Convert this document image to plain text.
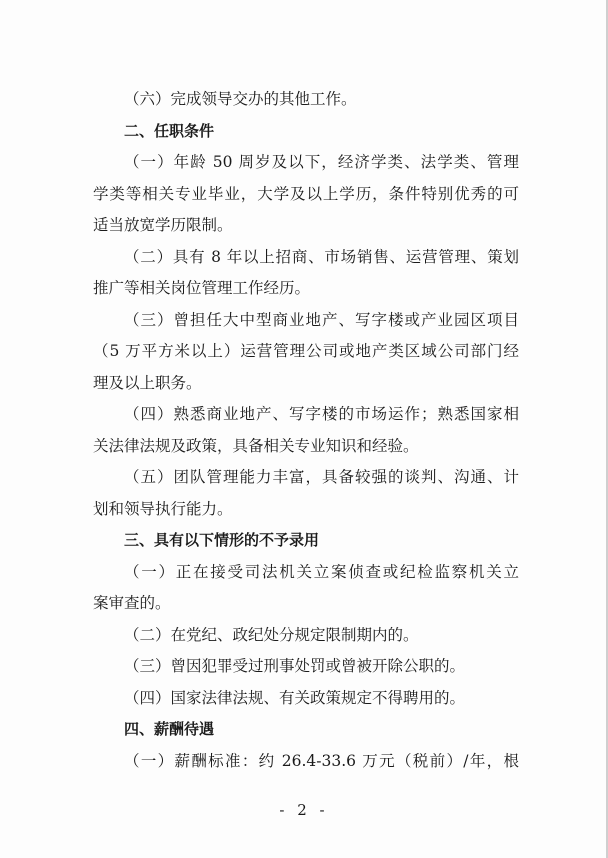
（六）完成领导交办的其他工作。
二、任职条件
（一）年龄 50 周岁及以下，经济学类、法学类、管理
学类等相关专业毕业，大学及以上学历，条件特别优秀的可
适当放宽学历限制。
（二）具有 8 年以上招商、市场销售、运营管理、策划
推广等相关岗位管理工作经历。
（三）曾担任大中型商业地产、写字楼或产业园区项目
（5 万平方米以上）运营管理公司或地产类区域公司部门经
理及以上职务。
（四）熟悉商业地产、写字楼的市场运作；熟悉国家相
关法律法规及政策，具备相关专业知识和经验。
（五）团队管理能力丰富，具备较强的谈判、沟通、计
划和领导执行能力。
三、具有以下情形的不予录用
（一）正在接受司法机关立案侦查或纪检监察机关立
案审查的。
（二）在党纪、政纪处分规定限制期内的。
（三）曾因犯罪受过刑事处罚或曾被开除公职的。
（四）国家法律法规、有关政策规定不得聘用的。
四、薪酬待遇
（一）薪酬标准：约 26.4-33.6 万元（税前）/年，根
- 2 -
